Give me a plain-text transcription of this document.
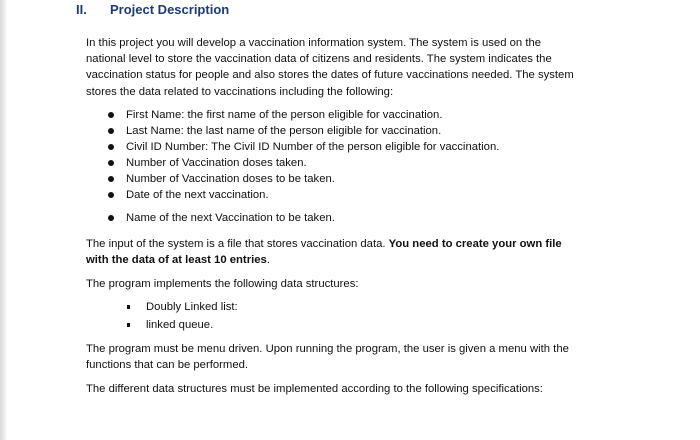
II. Project Description

In this project you will develop a vaccination information system. The system is used on the
national level to store the vaccination data of citizens and residents. The system indicates the
vaccination status for people and also stores the dates of future vaccinations needed. The system
stores the data related to vaccinations including the following:

First Name: the first name of the person eligible for vaccination.
Last Name: the last name of the person eligible for vaccination.
Civil ID Number: The Civil ID Number of the person eligible for vaccination.
Number of Vaccination doses taken.
Number of Vaccination doses to be taken.
Date of the next vaccination.
Name of the next Vaccination to be taken.

The input of the system is a file that stores vaccination data. You need to create your own file
with the data of at least 10 entries.

The program implements the following data structures:

Doubly Linked list:
linked queue.

The program must be menu driven. Upon running the program, the user is given a menu with the
functions that can be performed.

The different data structures must be implemented according to the following specifications:
